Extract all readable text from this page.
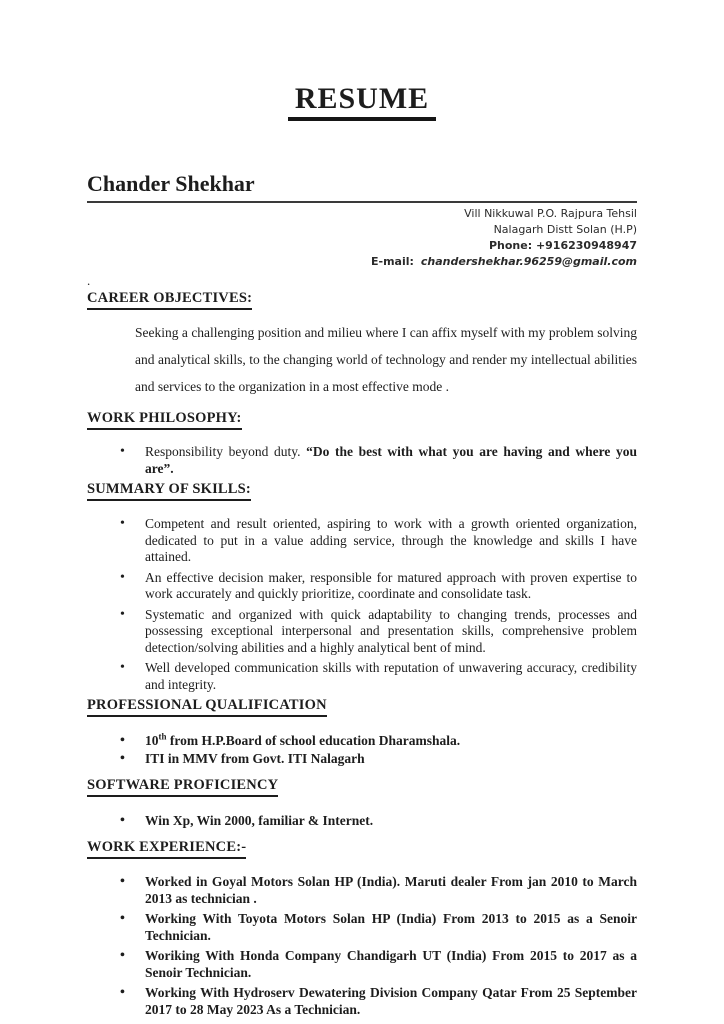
RESUME
Chander Shekhar
Vill Nikkuwal P.O. Rajpura Tehsil
Nalagarh Distt Solan (H.P)
Phone: +916230948947
E-mail: chandershekhar.96259@gmail.com
.
CAREER OBJECTIVES:

Seeking a challenging position and milieu where I can affix myself with my problem solving and analytical skills, to the changing world of technology and render my intellectual abilities and services to the organization in a most effective mode .

WORK PHILOSOPHY:
• Responsibility beyond duty. “Do the best with what you are having and where you are”.
SUMMARY OF SKILLS:
• Competent and result oriented, aspiring to work with a growth oriented organization, dedicated to put in a value adding service, through the knowledge and skills I have attained.
• An effective decision maker, responsible for matured approach with proven expertise to work accurately and quickly prioritize, coordinate and consolidate task.
• Systematic and organized with quick adaptability to changing trends, processes and possessing exceptional interpersonal and presentation skills, comprehensive problem detection/solving abilities and a highly analytical bent of mind.
• Well developed communication skills with reputation of unwavering accuracy, credibility and integrity.
PROFESSIONAL QUALIFICATION
• 10th from H.P.Board of school education Dharamshala.
• ITI in MMV from Govt. ITI Nalagarh
SOFTWARE PROFICIENCY
• Win Xp, Win 2000, familiar & Internet.
WORK EXPERIENCE:-
• Worked in Goyal Motors Solan HP (India). Maruti dealer From jan 2010 to March 2013 as technician .
• Working With Toyota Motors Solan HP (India) From 2013 to 2015 as a Senoir Technician.
• Woriking With Honda Company Chandigarh UT (India) From 2015 to 2017 as a Senoir Technician.
• Working With Hydroserv Dewatering Division Company Qatar From 25 September 2017 to 28 May 2023 As a Technician.
